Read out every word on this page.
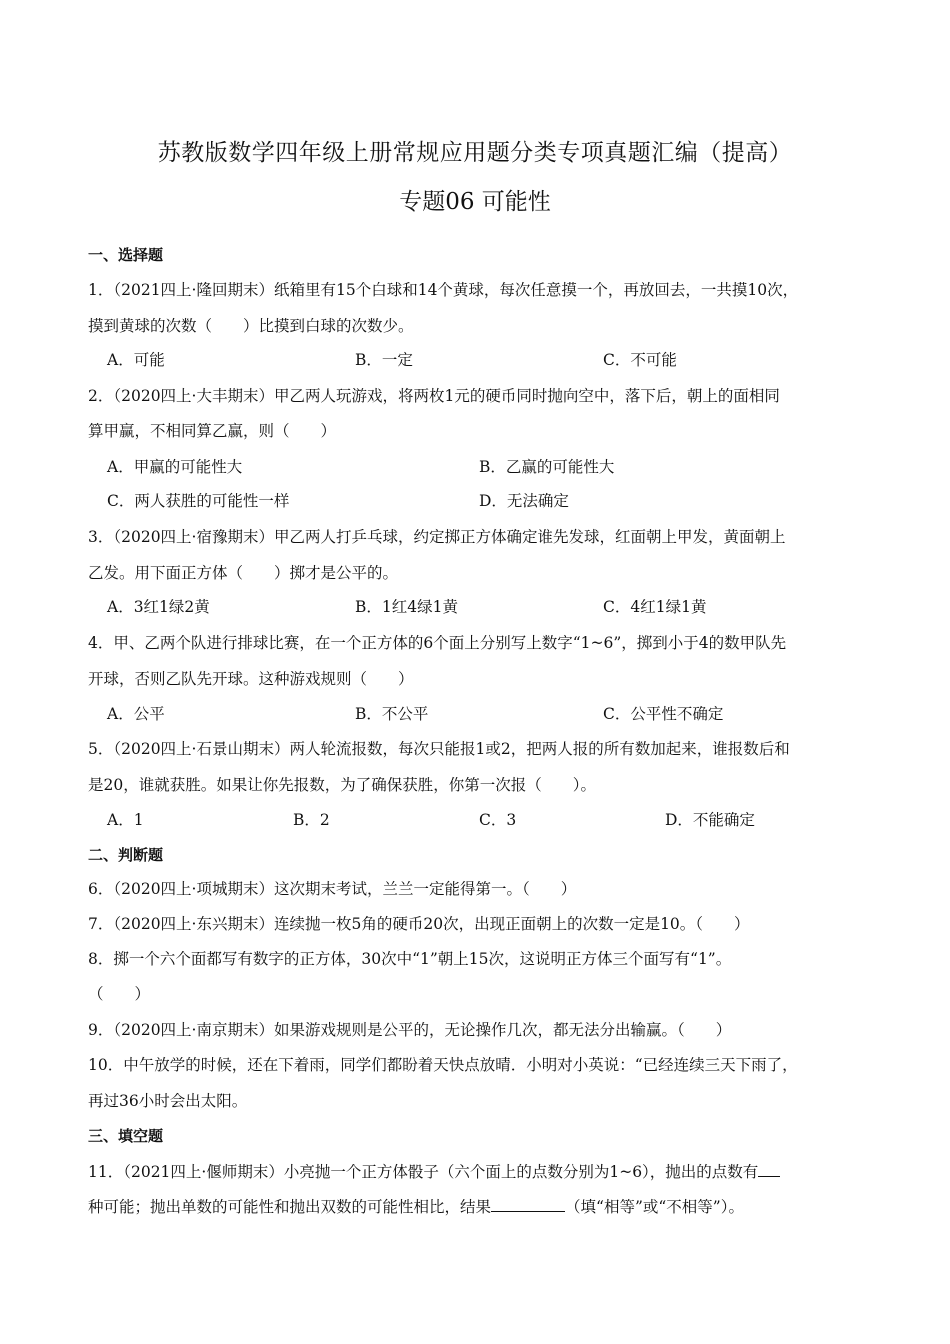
苏教版数学四年级上册常规应用题分类专项真题汇编（提高）
专题06 可能性
一、选择题
1．（2021四上·隆回期末）纸箱里有15个白球和14个黄球，每次任意摸一个，再放回去，一共摸10次，
摸到黄球的次数（　　）比摸到白球的次数少。
A．可能	B．一定	C．不可能
2．（2020四上·大丰期末）甲乙两人玩游戏，将两枚1元的硬币同时抛向空中，落下后，朝上的面相同
算甲赢，不相同算乙赢，则（　　）
A．甲赢的可能性大	B．乙赢的可能性大
C．两人获胜的可能性一样	D．无法确定
3．（2020四上·宿豫期末）甲乙两人打乒乓球，约定掷正方体确定谁先发球，红面朝上甲发，黄面朝上
乙发。用下面正方体（　　）掷才是公平的。
A．3红1绿2黄	B．1红4绿1黄	C．4红1绿1黄
4．甲、乙两个队进行排球比赛，在一个正方体的6个面上分别写上数字“1~6”，掷到小于4的数甲队先
开球，否则乙队先开球。这种游戏规则（　　）
A．公平	B．不公平	C．公平性不确定
5．（2020四上·石景山期末）两人轮流报数，每次只能报1或2，把两人报的所有数加起来，谁报数后和
是20，谁就获胜。如果让你先报数，为了确保获胜，你第一次报（　　）。
A．1	B．2	C．3	D．不能确定
二、判断题
6．（2020四上·项城期末）这次期末考试，兰兰一定能得第一。（　　）
7．（2020四上·东兴期末）连续抛一枚5角的硬币20次，出现正面朝上的次数一定是10。（　　）
8．掷一个六个面都写有数字的正方体，30次中“1”朝上15次，这说明正方体三个面写有“1”。
（　　）
9．（2020四上·南京期末）如果游戏规则是公平的，无论操作几次，都无法分出输赢。（　　）
10．中午放学的时候，还在下着雨，同学们都盼着天快点放晴．小明对小英说：“已经连续三天下雨了，
再过36小时会出太阳。
三、填空题
11．（2021四上·偃师期末）小亮抛一个正方体骰子（六个面上的点数分别为1~6），抛出的点数有
种可能；抛出单数的可能性和抛出双数的可能性相比，结果	（填“相等”或“不相等”）。
